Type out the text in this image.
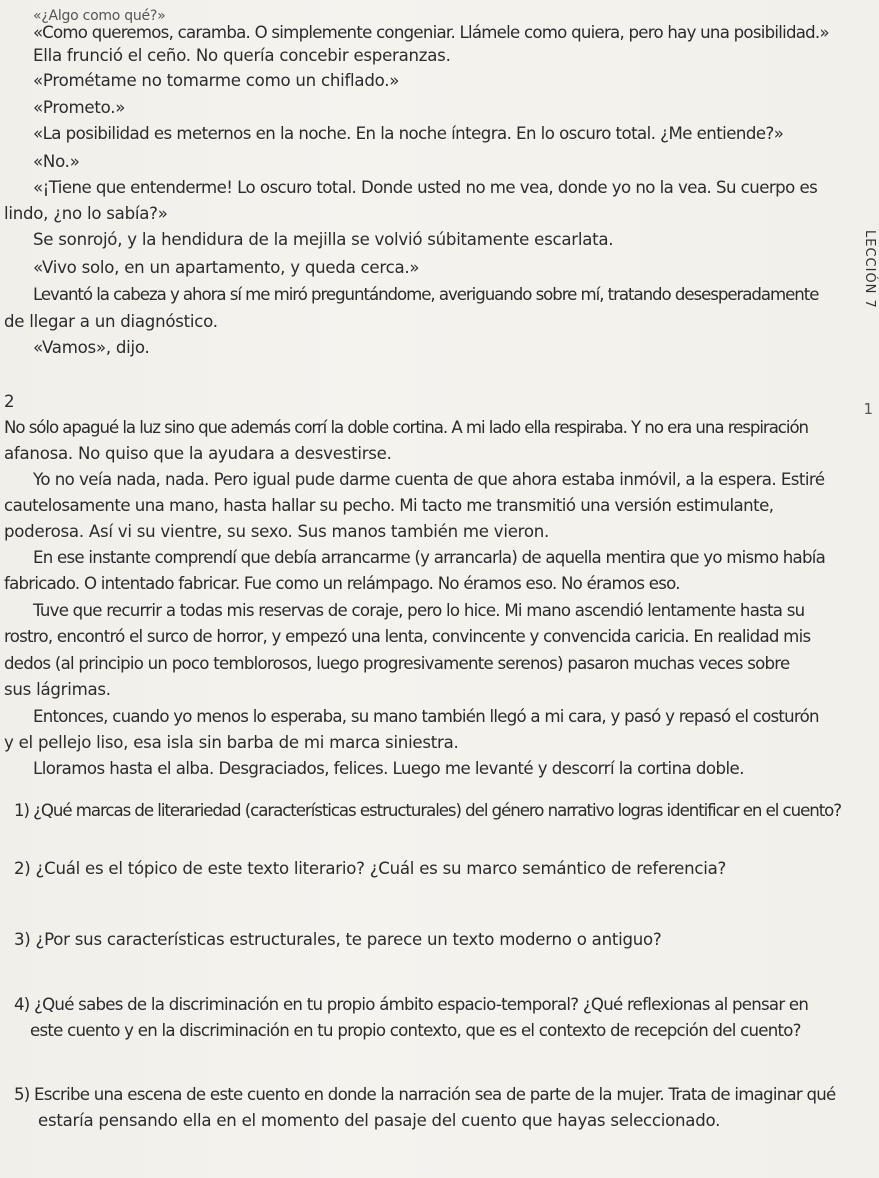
«¿Algo como qué?»
«Como queremos, caramba. O simplemente congeniar. Llámele como quiera, pero hay una posibilidad.»
Ella frunció el ceño. No quería concebir esperanzas.
«Prométame no tomarme como un chiflado.»
«Prometo.»
«La posibilidad es meternos en la noche. En la noche íntegra. En lo oscuro total. ¿Me entiende?»
«No.»
«¡Tiene que entenderme! Lo oscuro total. Donde usted no me vea, donde yo no la vea. Su cuerpo es
lindo, ¿no lo sabía?»
Se sonrojó, y la hendidura de la mejilla se volvió súbitamente escarlata.
«Vivo solo, en un apartamento, y queda cerca.»
Levantó la cabeza y ahora sí me miró preguntándome, averiguando sobre mí, tratando desesperadamente
de llegar a un diagnóstico.
«Vamos», dijo.
2
No sólo apagué la luz sino que además corrí la doble cortina. A mi lado ella respiraba. Y no era una respiración
afanosa. No quiso que la ayudara a desvestirse.
Yo no veía nada, nada. Pero igual pude darme cuenta de que ahora estaba inmóvil, a la espera. Estiré
cautelosamente una mano, hasta hallar su pecho. Mi tacto me transmitió una versión estimulante,
poderosa. Así vi su vientre, su sexo. Sus manos también me vieron.
En ese instante comprendí que debía arrancarme (y arrancarla) de aquella mentira que yo mismo había
fabricado. O intentado fabricar. Fue como un relámpago. No éramos eso. No éramos eso.
Tuve que recurrir a todas mis reservas de coraje, pero lo hice. Mi mano ascendió lentamente hasta su
rostro, encontró el surco de horror, y empezó una lenta, convincente y convencida caricia. En realidad mis
dedos (al principio un poco temblorosos, luego progresivamente serenos) pasaron muchas veces sobre
sus lágrimas.
Entonces, cuando yo menos lo esperaba, su mano también llegó a mi cara, y pasó y repasó el costurón
y el pellejo liso, esa isla sin barba de mi marca siniestra.
Lloramos hasta el alba. Desgraciados, felices. Luego me levanté y descorrí la cortina doble.
1) ¿Qué marcas de literariedad (características estructurales) del género narrativo logras identificar en el cuento?
2) ¿Cuál es el tópico de este texto literario? ¿Cuál es su marco semántico de referencia?
3) ¿Por sus características estructurales, te parece un texto moderno o antiguo?
4) ¿Qué sabes de la discriminación en tu propio ámbito espacio-temporal? ¿Qué reflexionas al pensar en
este cuento y en la discriminación en tu propio contexto, que es el contexto de recepción del cuento?
5) Escribe una escena de este cuento en donde la narración sea de parte de la mujer. Trata de imaginar qué
estaría pensando ella en el momento del pasaje del cuento que hayas seleccionado.
LECCIÓN 7
1
